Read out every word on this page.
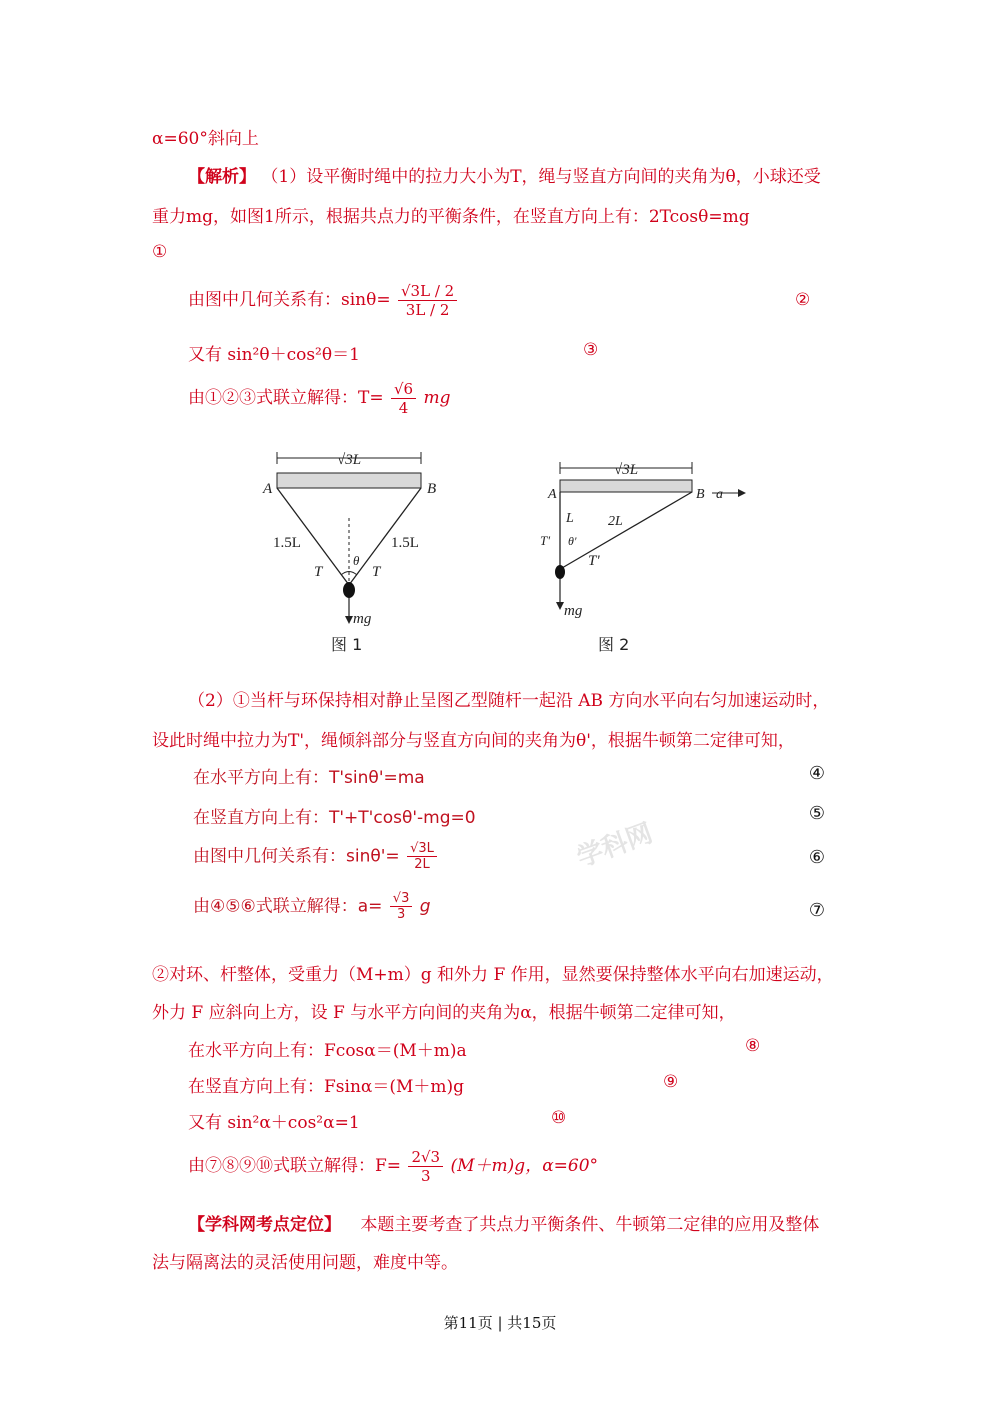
α=60°斜向上
【解析】 （1）设平衡时绳中的拉力大小为T，绳与竖直方向间的夹角为θ，小球还受
重力mg，如图1所示，根据共点力的平衡条件，在竖直方向上有：2Tcosθ=mg
①
由图中几何关系有：$\sin\theta= \frac{√3L / 2}{3L / 2}$	②
又有 sin²θ＋cos²θ＝1	③
由①②③式联立解得：$T= \frac{√6}{4}$ mg
√3L
A	B
1.5L	1.5L
θ
T	T
mg
图 1
√3L
A	B a
L 2L
T' θ'
T'
mg
图 2
（2）①当杆与环保持相对静止呈图乙型随杆一起沿 AB 方向水平向右匀加速运动时，
设此时绳中拉力为T'，绳倾斜部分与竖直方向间的夹角为θ'，根据牛顿第二定律可知，
学科网
在水平方向上有：T'sinθ'=ma	④
在竖直方向上有：T'+T'cosθ'-mg=0	⑤
由图中几何关系有：$\sin\theta'= \frac{√3L}{2L}$	⑥
由④⑤⑥式联立解得：$a= \frac{√3}{3}$ g	⑦
②对环、杆整体，受重力（M+m）g 和外力 F 作用，显然要保持整体水平向右加速运动，
外力 F 应斜向上方，设 F 与水平方向间的夹角为α，根据牛顿第二定律可知，
在水平方向上有：Fcosα＝(M＋m)a	⑧
在竖直方向上有：Fsinα＝(M＋m)g	⑨
又有 sin²α＋cos²α=1	⑩
由⑦⑧⑨⑩式联立解得：$F= \frac{2√3}{3} (M+m)g$，α=60°
【学科网考点定位】 本题主要考查了共点力平衡条件、牛顿第二定律的应用及整体
法与隔离法的灵活使用问题，难度中等。
第11页 | 共15页
